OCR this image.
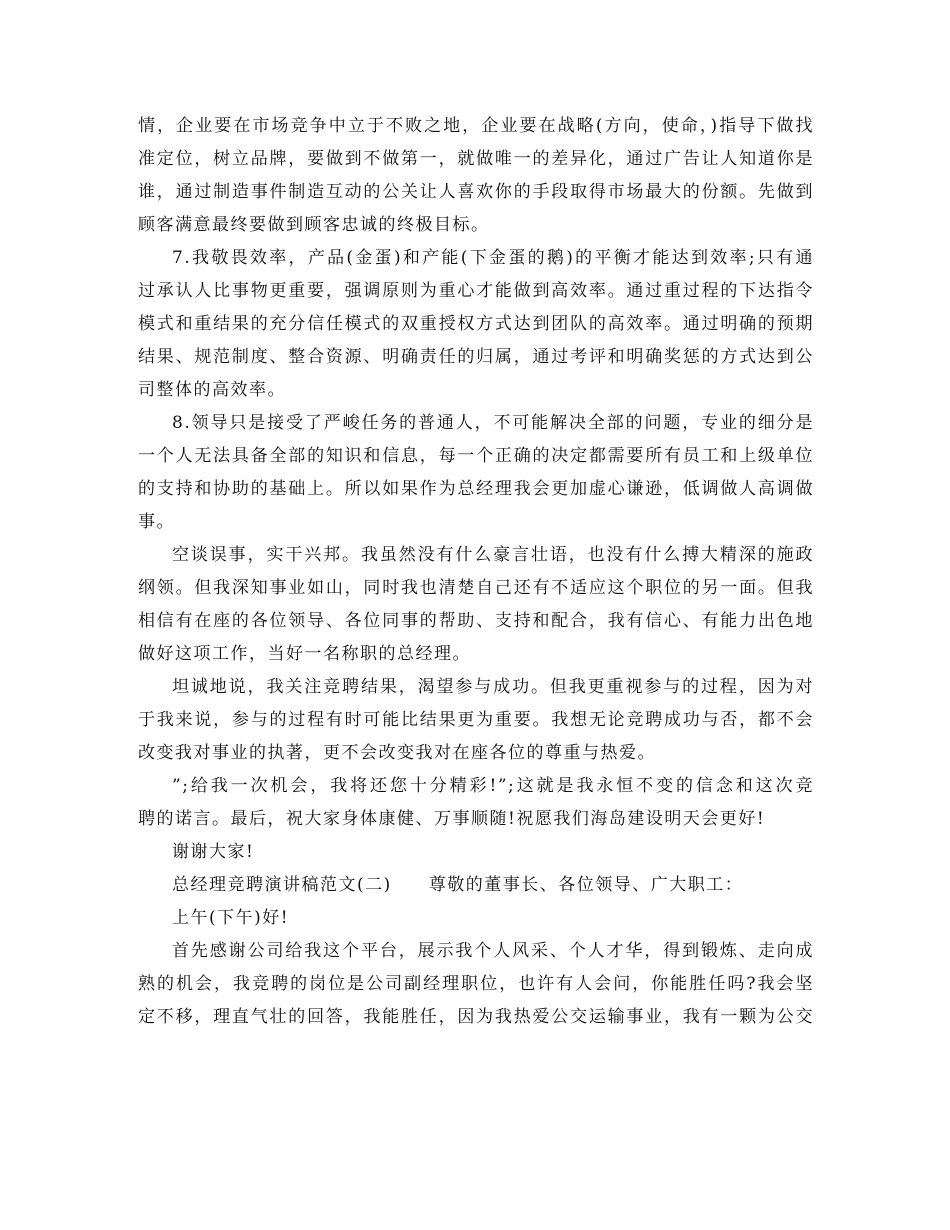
情，企业要在市场竞争中立于不败之地，企业要在战略(方向，使命，)指导下做找
准定位，树立品牌，要做到不做第一，就做唯一的差异化，通过广告让人知道你是
谁，通过制造事件制造互动的公关让人喜欢你的手段取得市场最大的份额。先做到
顾客满意最终要做到顾客忠诚的终极目标。
7.我敬畏效率，产品(金蛋)和产能(下金蛋的鹅)的平衡才能达到效率;只有通
过承认人比事物更重要，强调原则为重心才能做到高效率。通过重过程的下达指令
模式和重结果的充分信任模式的双重授权方式达到团队的高效率。通过明确的预期
结果、规范制度、整合资源、明确责任的归属，通过考评和明确奖惩的方式达到公
司整体的高效率。
8.领导只是接受了严峻任务的普通人，不可能解决全部的问题，专业的细分是
一个人无法具备全部的知识和信息，每一个正确的决定都需要所有员工和上级单位
的支持和协助的基础上。所以如果作为总经理我会更加虚心谦逊，低调做人高调做
事。
空谈误事，实干兴邦。我虽然没有什么豪言壮语，也没有什么搏大精深的施政
纲领。但我深知事业如山，同时我也清楚自己还有不适应这个职位的另一面。但我
相信有在座的各位领导、各位同事的帮助、支持和配合，我有信心、有能力出色地
做好这项工作，当好一名称职的总经理。
坦诚地说，我关注竞聘结果，渴望参与成功。但我更重视参与的过程，因为对
于我来说，参与的过程有时可能比结果更为重要。我想无论竞聘成功与否，都不会
改变我对事业的执著，更不会改变我对在座各位的尊重与热爱。
”;给我一次机会，我将还您十分精彩!”;这就是我永恒不变的信念和这次竞
聘的诺言。最后，祝大家身体康健、万事顺随!祝愿我们海岛建设明天会更好!
谢谢大家!
总经理竞聘演讲稿范文(二)　　尊敬的董事长、各位领导、广大职工：
上午(下午)好!
首先感谢公司给我这个平台，展示我个人风采、个人才华，得到锻炼、走向成
熟的机会，我竞聘的岗位是公司副经理职位，也许有人会问，你能胜任吗?我会坚
定不移，理直气壮的回答，我能胜任，因为我热爱公交运输事业，我有一颗为公交
